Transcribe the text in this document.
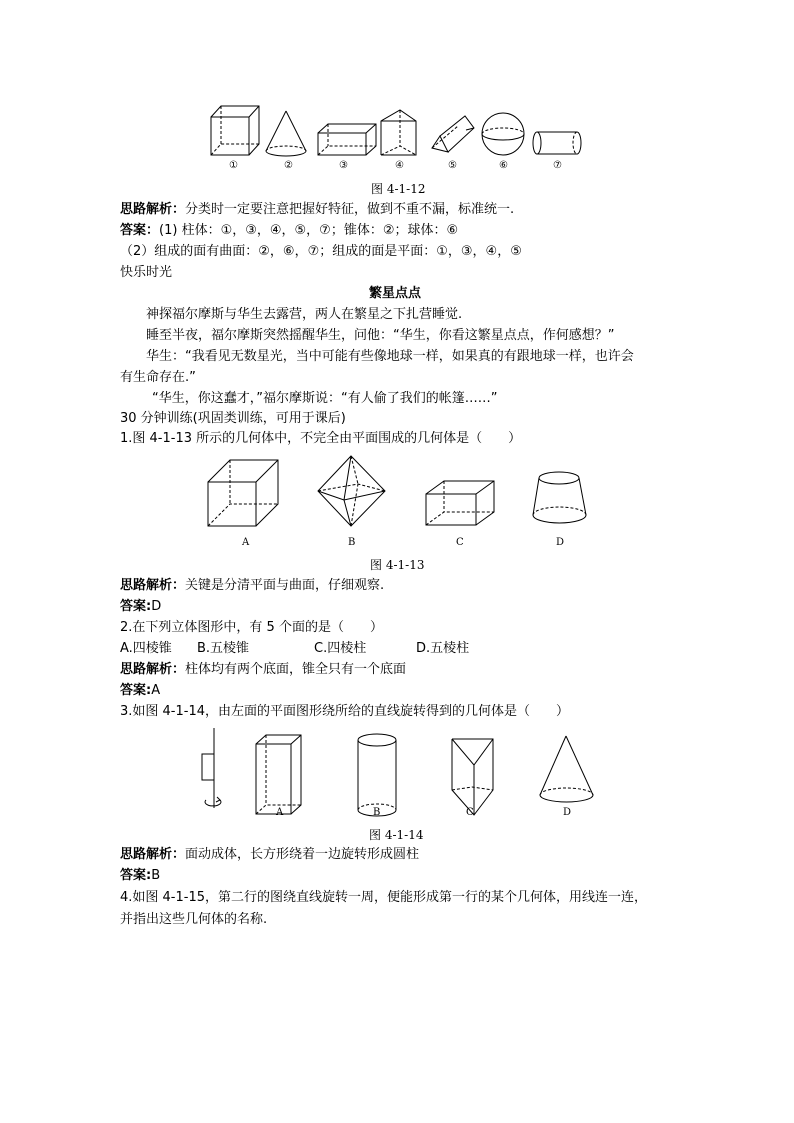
①	②	③	④	⑤	⑥	⑦
图 4-1-12
思路解析：分类时一定要注意把握好特征，做到不重不漏，标准统一.
答案：(1) 柱体：①，③，④，⑤，⑦；锥体：②；球体：⑥
（2）组成的面有曲面：②，⑥，⑦；组成的面是平面：①，③，④，⑤
快乐时光
繁星点点
神探福尔摩斯与华生去露营，两人在繁星之下扎营睡觉.
睡至半夜，福尔摩斯突然摇醒华生，问他：“华生，你看这繁星点点，作何感想？”
华生：“我看见无数星光，当中可能有些像地球一样，如果真的有跟地球一样，也许会
有生命存在.”
“华生，你这蠢才，”福尔摩斯说：“有人偷了我们的帐篷……”
30 分钟训练(巩固类训练，可用于课后)
1.图 4-1-13 所示的几何体中，不完全由平面围成的几何体是（　　）
A	B	C	D
图 4-1-13
思路解析：关键是分清平面与曲面，仔细观察.
答案:D
2.在下列立体图形中，有 5 个面的是（　　）
A.四棱锥 B.五棱锥	C.四棱柱	D.五棱柱
思路解析：柱体均有两个底面，锥全只有一个底面
答案:A
3.如图 4-1-14，由左面的平面图形绕所给的直线旋转得到的几何体是（　　）
A	B	C	D
图 4-1-14
思路解析：面动成体，长方形绕着一边旋转形成圆柱
答案:B
4.如图 4-1-15，第二行的图绕直线旋转一周，便能形成第一行的某个几何体，用线连一连，
并指出这些几何体的名称.
